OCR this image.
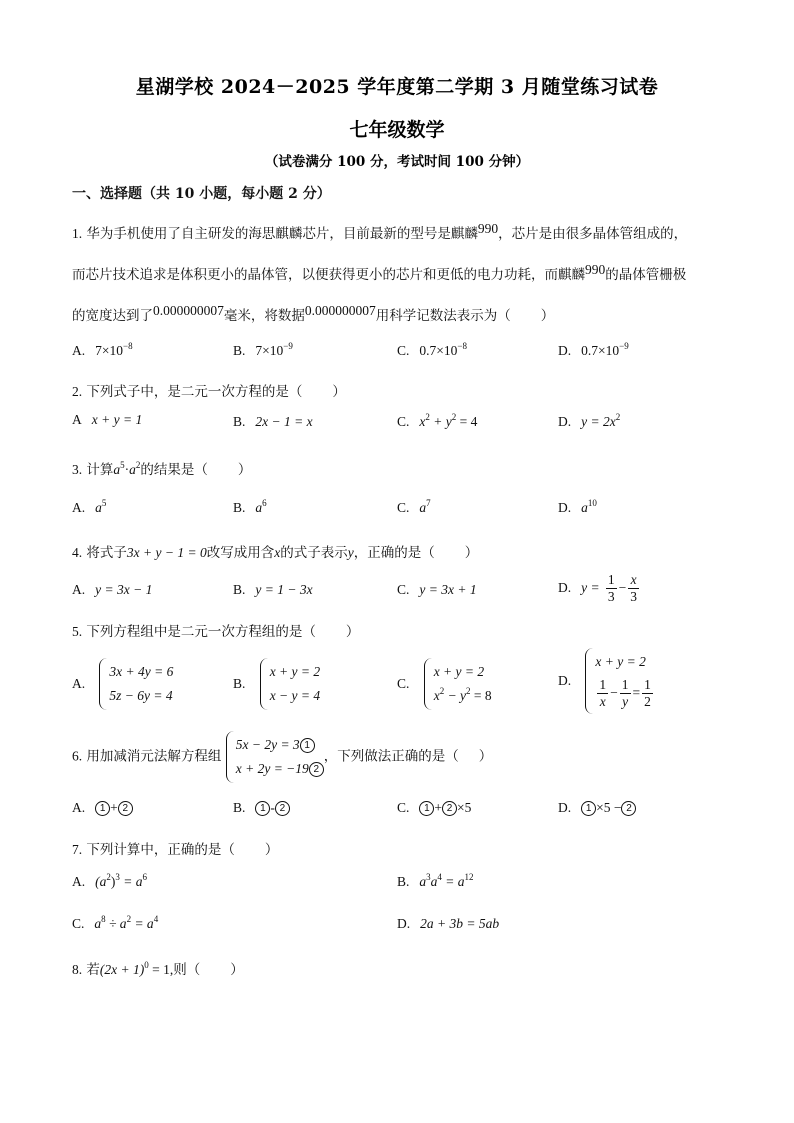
星湖学校 2024－2025 学年度第二学期 3 月随堂练习试卷
七年级数学
（试卷满分 100 分，考试时间 100 分钟）
一、选择题（共 10 小题，每小题 2 分）
1. 华为手机使用了自主研发的海思麒麟芯片，目前最新的型号是麒麟990，芯片是由很多晶体管组成的，
而芯片技术追求是体积更小的晶体管，以便获得更小的芯片和更低的电力功耗，而麒麟990的晶体管栅极
的宽度达到了0.000000007毫米，将数据0.000000007用科学记数法表示为（ ）
A. $7\times 10^{-8}$	B. $7\times 10^{-9}$	C. $0.7\times 10^{-8}$	D. $0.7\times 10^{-9}$
2. 下列式子中，是二元一次方程的是（ ）
A x + y = 1	B. 2x − 1 = x	C. $x^2 + y^2 = 4$	D. $y = 2x^2$
3. 计算$a^5\cdot a^2$的结果是（ ）
A. $a^5$	B. $a^6$	C. $a^7$	D. $a^{10}$
4. 将式子3x + y − 1 = 0改写成用含x的式子表示y，正确的是（ ）
A. y = 3x − 1	B. y = 1 − 3x	C. y = 3x + 1	D. $y = \frac{1}{3} - \frac{x}{3}$
5. 下列方程组中是二元一次方程组的是（ ）
A.
3x + 4y = 6
5z − 6y = 4
B.
x + y = 2
x − y = 4
C.
x + y = 2
$x^2 - y^2 = 8$
D.
x + y = 2
$\frac{1}{x} - \frac{1}{y} = \frac{1}{2}$
6. 用加减消元法解方程组
5x − 2y = 3 1
x + 2y = −19 2
，下列做法正确的是（ ）
A. 1 + 2	B. 1 - 2	C. 1 + 2 ×5	D. 1 ×5 − 2
7. 下列计算中，正确的是（ ）
A. $(a^2)^3 = a^6$	B. $a^3a^4 = a^{12}$
C. $a^8 \div a^2 = a^4$	D. 2a + 3b = 5ab
8. 若$(2x + 1)^0 = 1$,则（ ）
